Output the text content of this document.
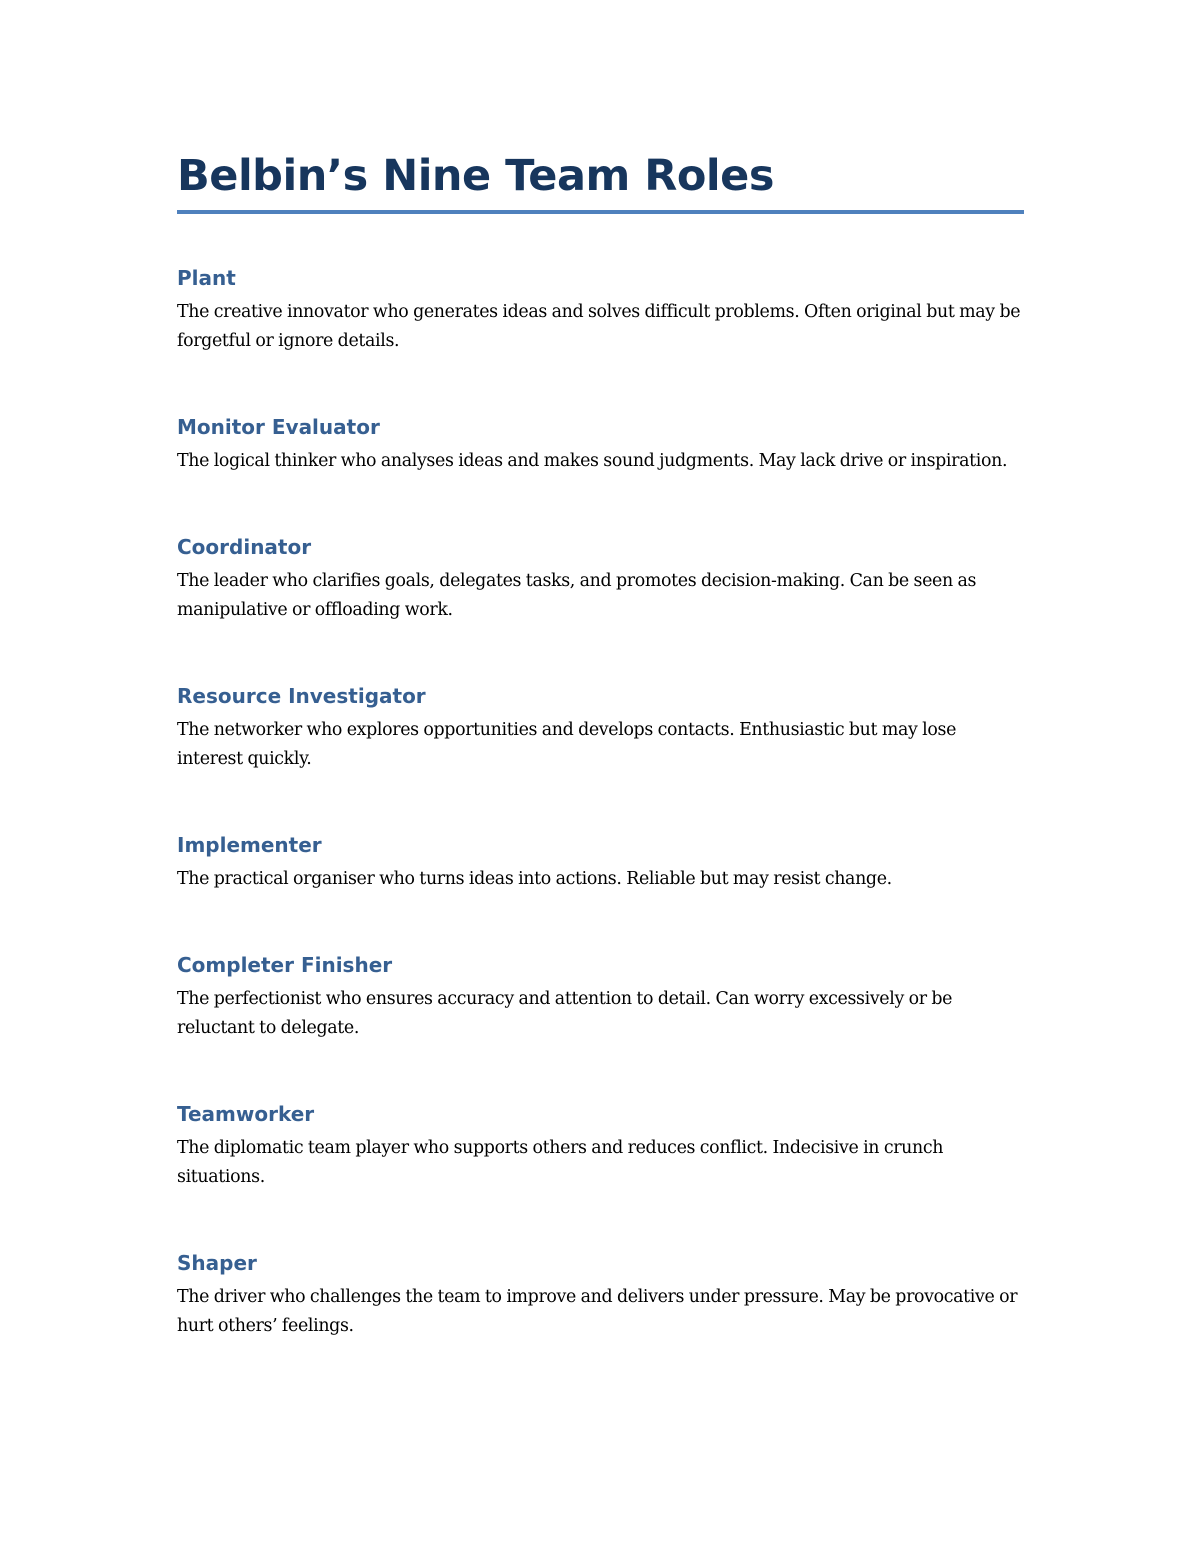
Belbin’s Nine Team Roles
Plant

The creative innovator who generates ideas and solves difficult problems. Often original but may be forgetful or ignore details.

Monitor Evaluator

The logical thinker who analyses ideas and makes sound judgments. May lack drive or inspiration.

Coordinator

The leader who clarifies goals, delegates tasks, and promotes decision-making. Can be seen as manipulative or offloading work.

Resource Investigator

The networker who explores opportunities and develops contacts. Enthusiastic but may lose interest quickly.

Implementer

The practical organiser who turns ideas into actions. Reliable but may resist change.

Completer Finisher

The perfectionist who ensures accuracy and attention to detail. Can worry excessively or be reluctant to delegate.

Teamworker

The diplomatic team player who supports others and reduces conflict. Indecisive in crunch situations.

Shaper

The driver who challenges the team to improve and delivers under pressure. May be provocative or hurt others’ feelings.
